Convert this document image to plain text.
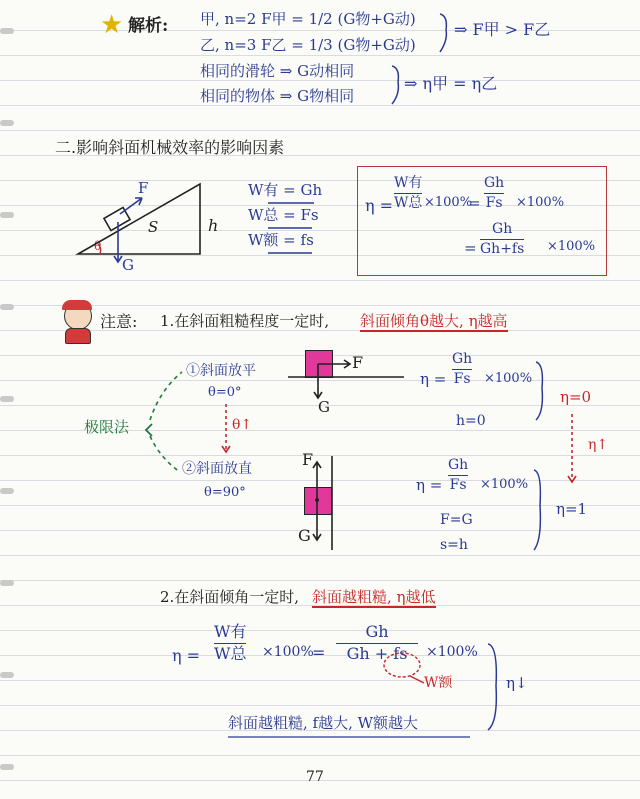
★ 解析: 甲, n=2 F甲 = 1/2 (G物+G动)
乙, n=3 F乙 = 1/3 (G物+G动)
⇒ F甲 > F乙
相同的滑轮 ⇒ G动相同
相同的物体 ⇒ G物相同
⇒ η甲 = η乙
二.影响斜面机械效率的影响因素
F
S	h
θ
G
W有 = Gh
W总 = Fs
W额 = fs
η =
W有
W总 ×100%
=
Gh
Fs ×100%
=
Gh
Gh+fs ×100%
注意: 1.在斜面粗糙程度一定时, 斜面倾角θ越大, η越高
极限法
①斜面放平
θ=0°
θ↑
②斜面放直
θ=90°
F
G
F
G
η =
Gh
Fs ×100%
h=0
η=0
η↑
η =
Gh
Fs ×100%
F=G
s=h
η=1
2.在斜面倾角一定时, 斜面越粗糙, η越低
η =
W有
W总 ×100%
=
Gh
Gh + fs ×100%
W额	η↓
斜面越粗糙, f越大, W额越大
77
